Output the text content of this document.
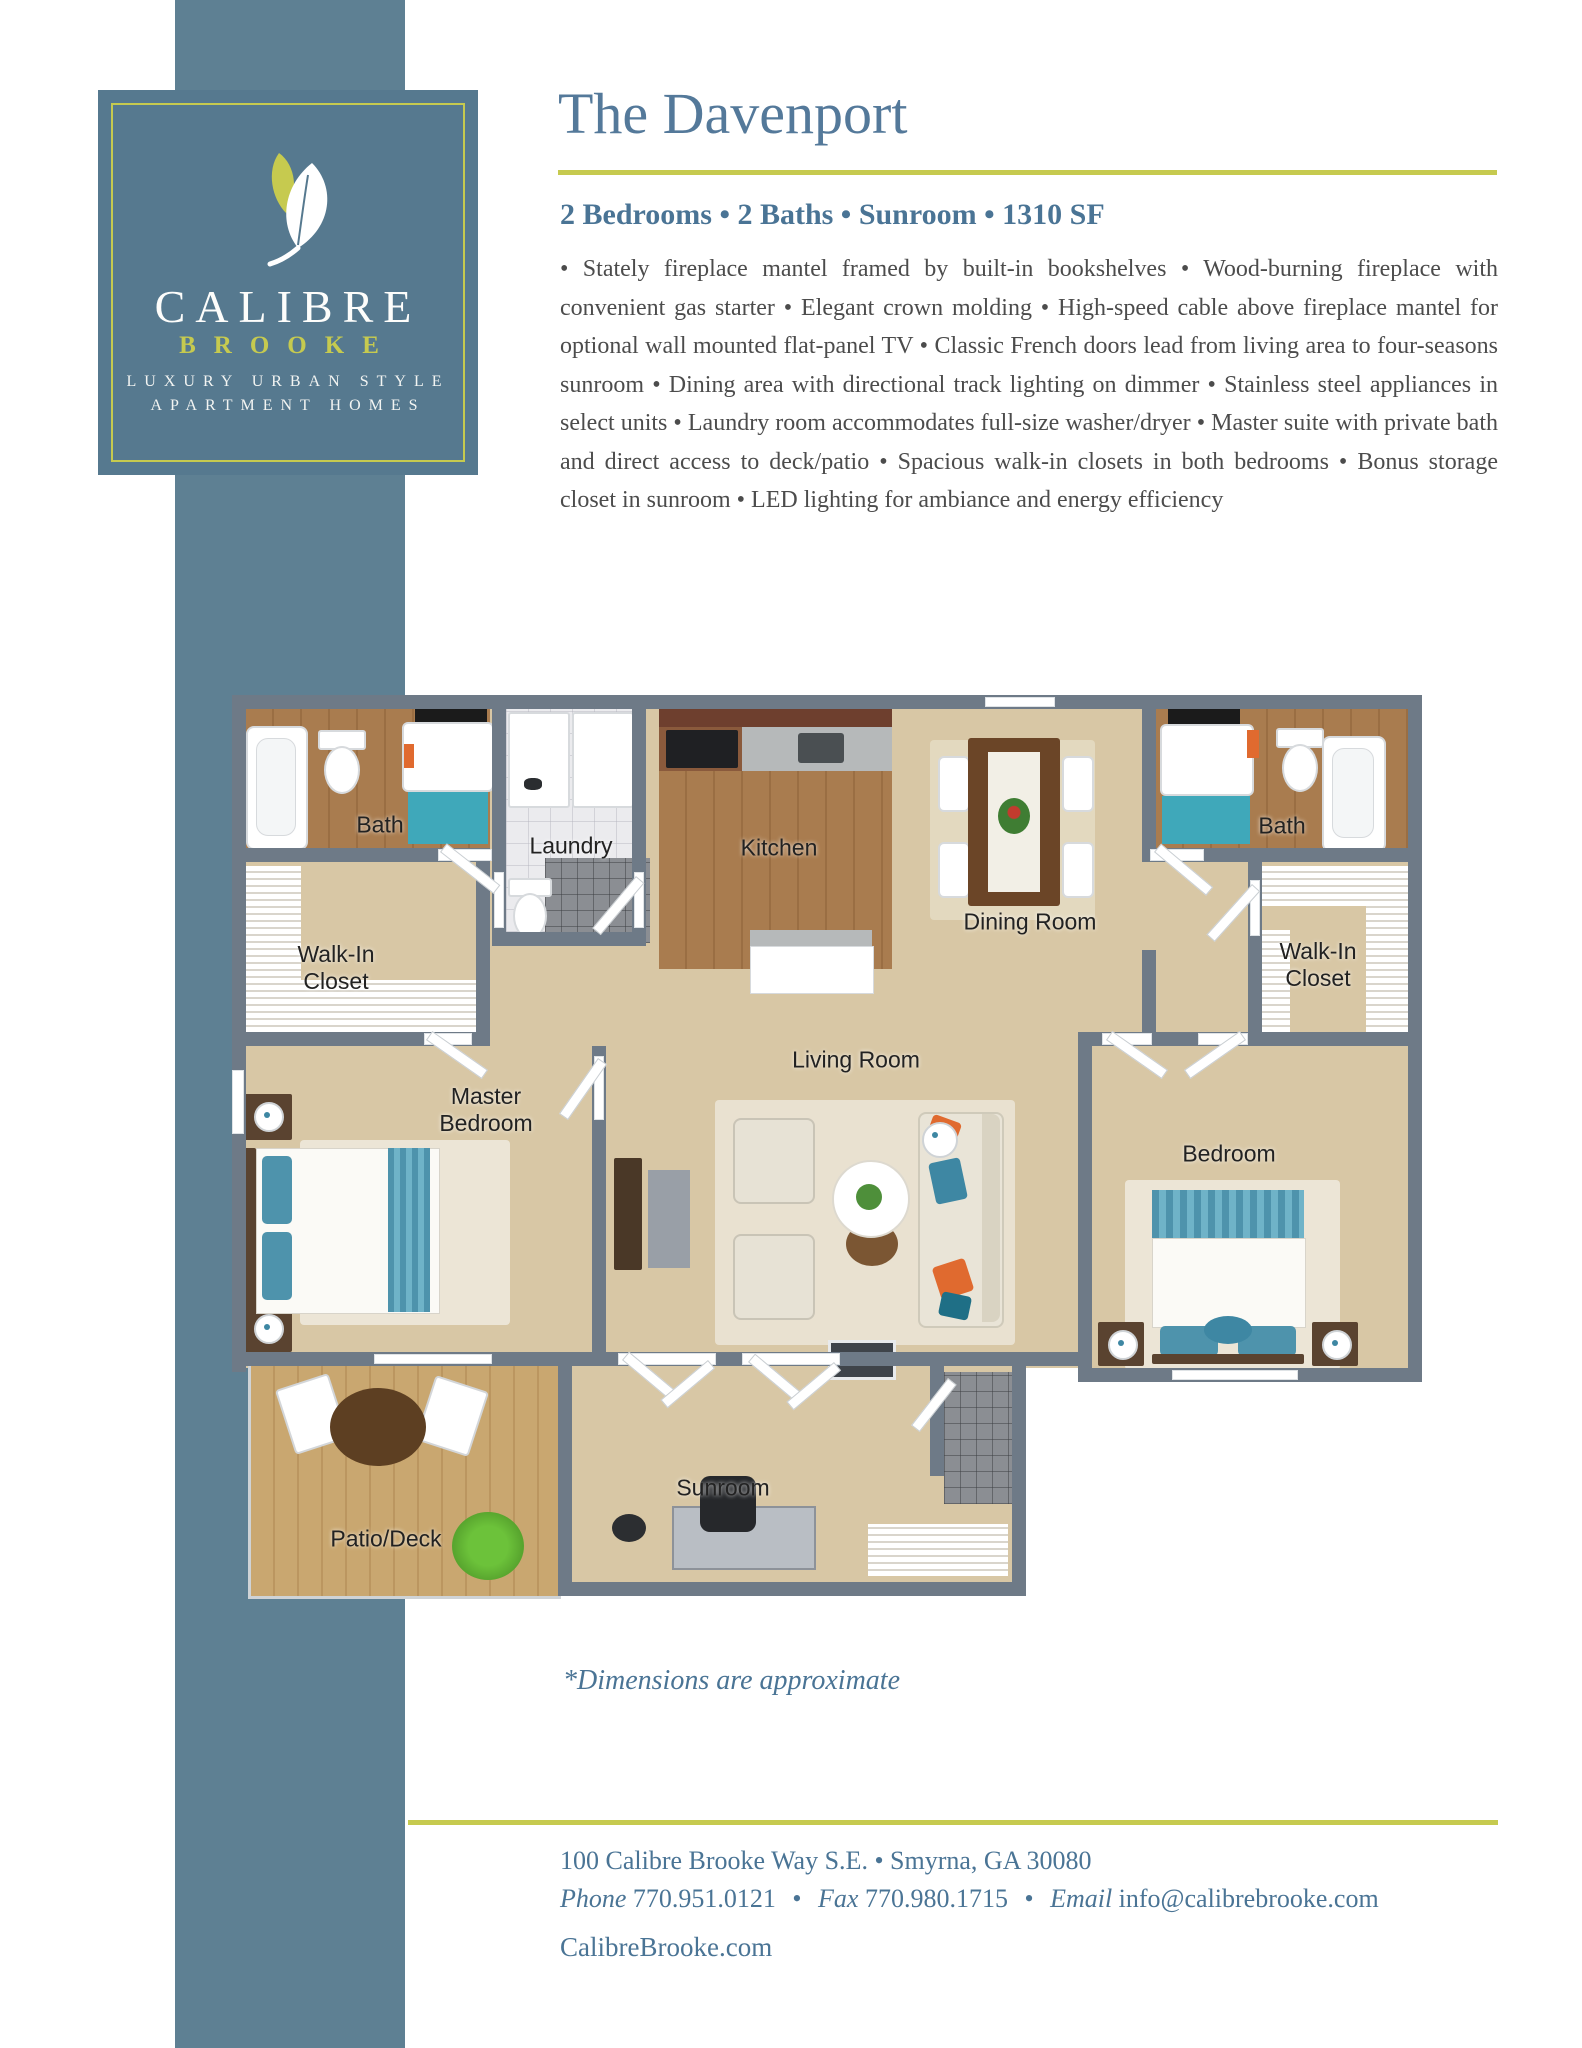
CALIBRE
BROOKE
LUXURY URBAN STYLE
APARTMENT HOMES
The Davenport
2 Bedrooms • 2 Baths • Sunroom • 1310 SF
• Stately fireplace mantel framed by built-in bookshelves • Wood-burning fireplace with convenient gas starter • Elegant crown molding • High-speed cable above fireplace mantel for optional wall mounted flat-panel TV • Classic French doors lead from living area to four-seasons sunroom • Dining area with directional track lighting on dimmer • Stainless steel appliances in select units • Laundry room accommodates full-size washer/dryer • Master suite with private bath and direct access to deck/patio • Spacious walk-in closets in both bedrooms • Bonus storage closet in sunroom • LED lighting for ambiance and energy efficiency
Bath
Laundry	Kitchen
Dining Room
Bath
Walk-In Closet
Walk-In Closet
Master Bedroom
Living Room
Bedroom
Sunroom
Patio/Deck
*Dimensions are approximate
100 Calibre Brooke Way S.E. • Smyrna, GA 30080
Phone 770.951.0121 • Fax 770.980.1715 • Email info@calibrebrooke.com
CalibreBrooke.com
